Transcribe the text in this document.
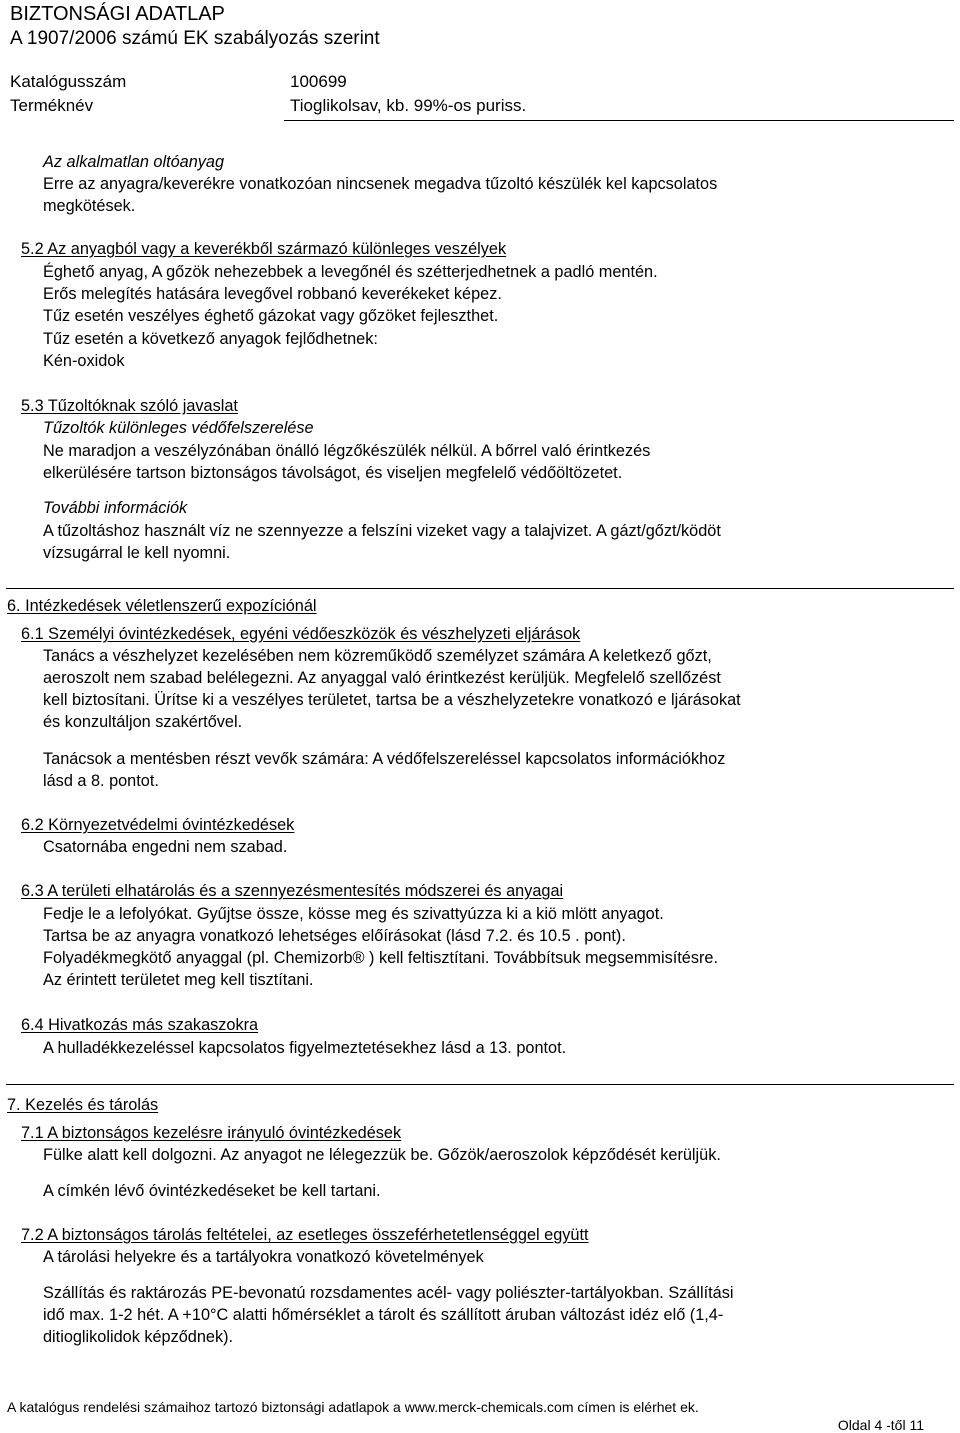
BIZTONSÁGI ADATLAP
A 1907/2006 számú EK szabályozás szerint
Katalógusszám	100699
Terméknév	Tioglikolsav, kb. 99%-os puriss.
Az alkalmatlan oltóanyag
Erre az anyagra/keverékre vonatkozóan nincsenek megadva tűzoltó készülék kel kapcsolatos
megkötések.
5.2 Az anyagból vagy a keverékből származó különleges veszélyek
Éghető anyag, A gőzök nehezebbek a levegőnél és szétterjedhetnek a padló mentén.
Erős melegítés hatására levegővel robbanó keverékeket képez.
Tűz esetén veszélyes éghető gázokat vagy gőzöket fejleszthet.
Tűz esetén a következő anyagok fejlődhetnek:
Kén-oxidok
5.3 Tűzoltóknak szóló javaslat
Tűzoltók különleges védőfelszerelése
Ne maradjon a veszélyzónában önálló légzőkészülék nélkül. A bőrrel való érintkezés
elkerülésére tartson biztonságos távolságot, és viseljen megfelelő védőöltözetet.
További információk
A tűzoltáshoz használt víz ne szennyezze a felszíni vizeket vagy a talajvizet. A gázt/gőzt/ködöt
vízsugárral le kell nyomni.
6. Intézkedések véletlenszerű expozíciónál
6.1 Személyi óvintézkedések, egyéni védőeszközök és vészhelyzeti eljárások
Tanács a vészhelyzet kezelésében nem közreműködő személyzet számára A keletkező gőzt,
aeroszolt nem szabad belélegezni. Az anyaggal való érintkezést kerüljük. Megfelelő szellőzést
kell biztosítani. Ürítse ki a veszélyes területet, tartsa be a vészhelyzetekre vonatkozó e ljárásokat
és konzultáljon szakértővel.
Tanácsok a mentésben részt vevők számára: A védőfelszereléssel kapcsolatos információkhoz
lásd a 8. pontot.
6.2 Környezetvédelmi óvintézkedések
Csatornába engedni nem szabad.
6.3 A területi elhatárolás és a szennyezésmentesítés módszerei és anyagai
Fedje le a lefolyókat. Gyűjtse össze, kösse meg és szivattyúzza ki a kiö mlött anyagot.
Tartsa be az anyagra vonatkozó lehetséges előírásokat (lásd 7.2. és 10.5 . pont).
Folyadékmegkötő anyaggal (pl. Chemizorb® ) kell feltisztítani. Továbbítsuk megsemmisítésre.
Az érintett területet meg kell tisztítani.
6.4 Hivatkozás más szakaszokra
A hulladékkezeléssel kapcsolatos figyelmeztetésekhez lásd a 13. pontot.
7. Kezelés és tárolás
7.1 A biztonságos kezelésre irányuló óvintézkedések
Fülke alatt kell dolgozni. Az anyagot ne lélegezzük be. Gőzök/aeroszolok képződését kerüljük.
A címkén lévő óvintézkedéseket be kell tartani.
7.2 A biztonságos tárolás feltételei, az esetleges összeférhetetlenséggel együtt
A tárolási helyekre és a tartályokra vonatkozó követelmények
Szállítás és raktározás PE-bevonatú rozsdamentes acél- vagy poliészter-tartályokban. Szállítási
idő max. 1-2 hét. A +10°C alatti hőmérséklet a tárolt és szállított áruban változást idéz elő (1,4-
ditioglikolidok képződnek).
A katalógus rendelési számaihoz tartozó biztonsági adatlapok a www.merck-chemicals.com címen is elérhet ek.
Oldal 4 -től 11
